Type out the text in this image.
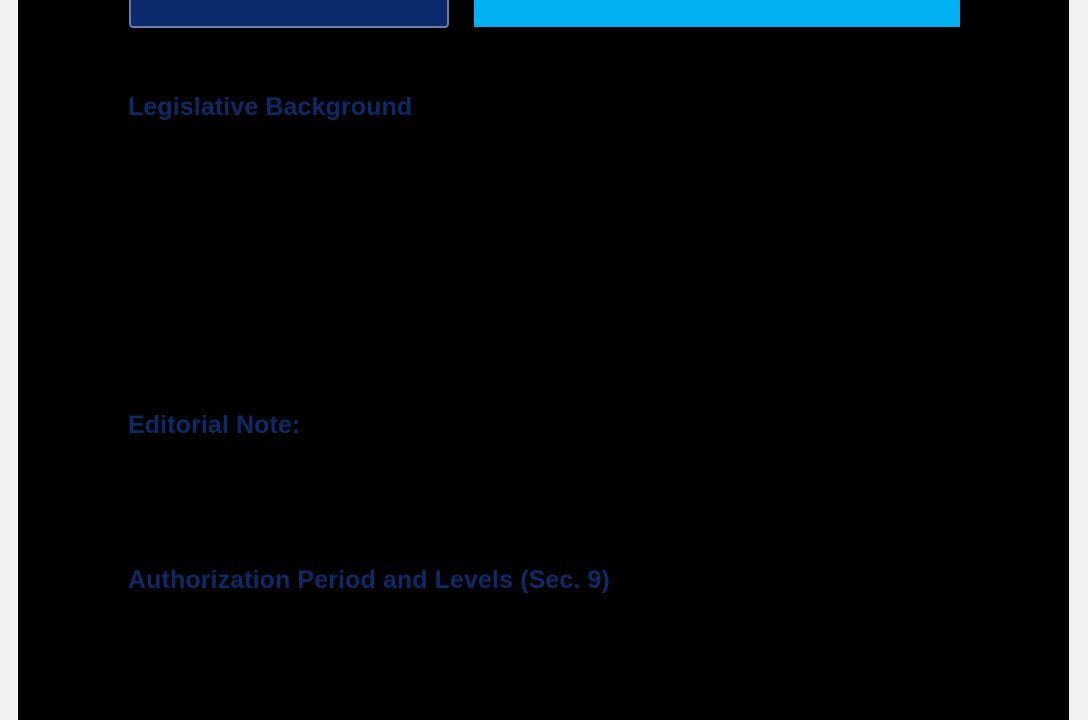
Legislative Background
Editorial Note:
Authorization Period and Levels (Sec. 9)
